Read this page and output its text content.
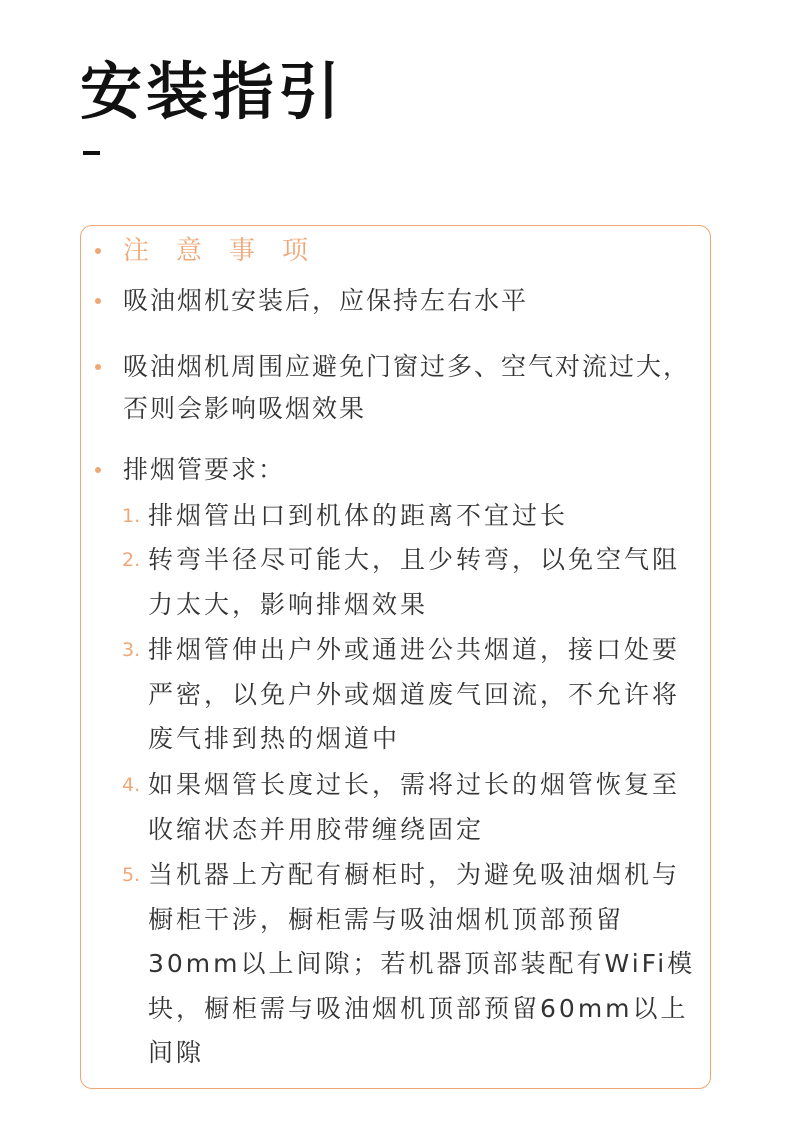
安装指引
注意事项
吸油烟机安装后，应保持左右水平
吸油烟机周围应避免门窗过多、空气对流过大，否则会影响吸烟效果
排烟管要求：
1. 排烟管出口到机体的距离不宜过长
2. 转弯半径尽可能大，且少转弯，以免空气阻力太大，影响排烟效果
3. 排烟管伸出户外或通进公共烟道，接口处要严密，以免户外或烟道废气回流，不允许将废气排到热的烟道中
4. 如果烟管长度过长，需将过长的烟管恢复至收缩状态并用胶带缠绕固定
5. 当机器上方配有橱柜时，为避免吸油烟机与橱柜干涉，橱柜需与吸油烟机顶部预留30mm以上间隙；若机器顶部装配有WiFi模块，橱柜需与吸油烟机顶部预留60mm以上间隙
